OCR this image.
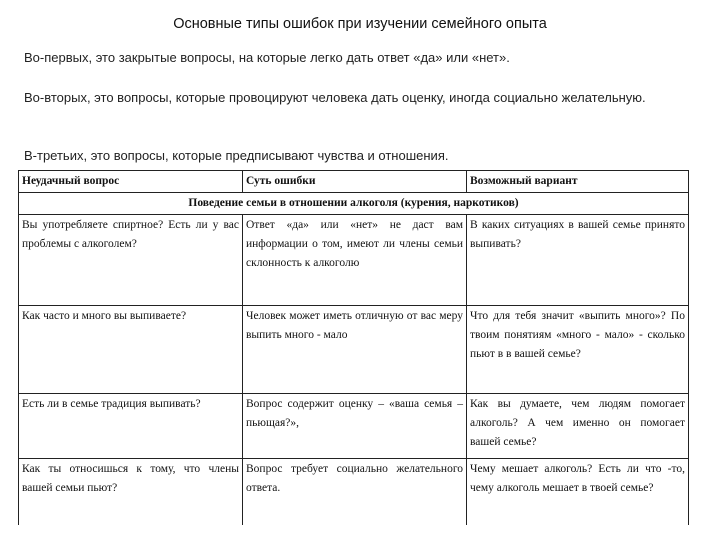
Основные типы ошибок при изучении семейного опыта
Во-первых, это закрытые вопросы, на которые легко дать ответ «да» или «нет».
Во-вторых, это вопросы, которые провоцируют человека дать оценку, иногда социально желательную.
В-третьих, это вопросы, которые предписывают чувства и отношения.
Неудачный вопрос	Суть ошибки	Возможный вариант
Поведение семьи в отношении алкоголя (курения, наркотиков)		
Вы употребляете спиртное? Есть ли у вас проблемы с алкоголем?	Ответ «да» или «нет» не даст вам информации о том, имеют ли члены семьи склонность к алкоголю	В каких ситуациях в вашей семье принято выпивать?
Как часто и много вы выпиваете?	Человек может иметь отличную от вас меру выпить много - мало	Что для тебя значит «выпить много»? По твоим понятиям «много - мало» - сколько пьют в в вашей семье?
Есть ли в семье традиция выпивать?	Вопрос содержит оценку – «ваша семья – пьющая?»,	Как вы думаете, чем людям помогает алкоголь? А чем именно он помогает вашей семье?
Как ты относишься к тому, что члены вашей семьи пьют?	Вопрос требует социально желательного ответа.	Чему мешает алкоголь? Есть ли что -то, чему алкоголь мешает в твоей семье?
